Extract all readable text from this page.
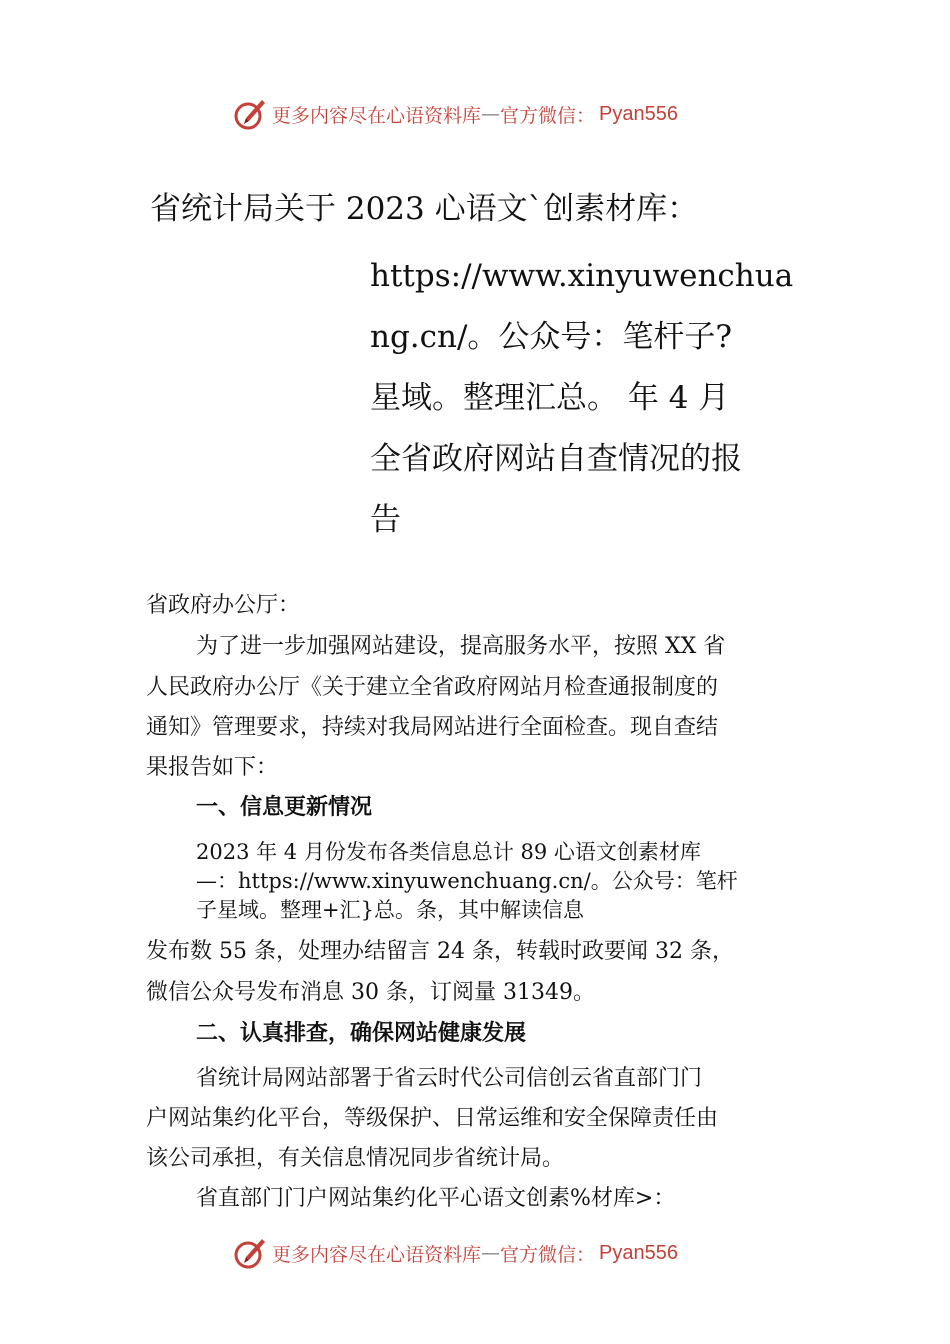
更多内容尽在心语资料库 — 官方微信： Pyan556
省统计局关于 2023 心语文`创素材库：
https://www.xinyuwenchua
ng.cn/。公众号：笔杆子?
星域。整理汇总。 年 4 月
全省政府网站自查情况的报
告
省政府办公厅：
为了进一步加强网站建设，提高服务水平，按照 XX 省
人民政府办公厅《关于建立全省政府网站月检查通报制度的
通知》管理要求，持续对我局网站进行全面检查。现自查结
果报告如下：
一、信息更新情况
2023 年 4 月份发布各类信息总计 89 心语文创素材库
—：https://www.xinyuwenchuang.cn/。公众号：笔杆
子星域。整理+汇}总。条，其中解读信息
发布数 55 条，处理办结留言 24 条，转载时政要闻 32 条，
微信公众号发布消息 30 条，订阅量 31349。
二、认真排查，确保网站健康发展
省统计局网站部署于省云时代公司信创云省直部门门
户网站集约化平台，等级保护、日常运维和安全保障责任由
该公司承担，有关信息情况同步省统计局。
省直部门门户网站集约化平心语文创素%材库>：
更多内容尽在心语资料库 — 官方微信： Pyan556
